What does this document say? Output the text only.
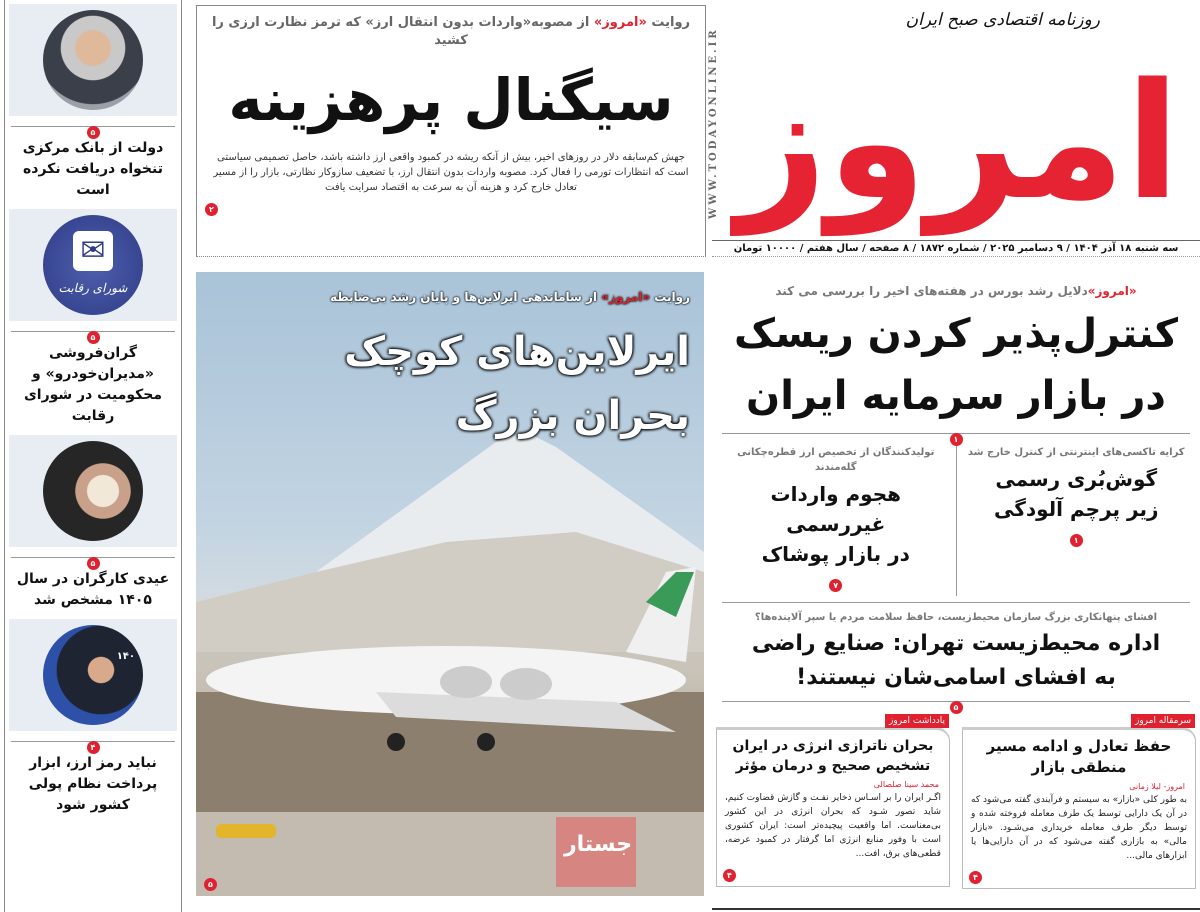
روزنامه اقتصادی صبح ایران
امروز
WWW.TODAYONLINE.IR
سه شنبه ۱۸ آذر ۱۴۰۴ / ۹ دسامبر ۲۰۲۵ / شماره ۱۸۷۲ / ۸ صفحه / سال هفتم / ۱۰۰۰۰ تومان
روایت «امروز» از مصوبه«واردات بدون انتقال ارز» که ترمز نظارت ارزی را کشید
سیگنال پرهزینه
جهش کم‌سابقه دلار در روزهای اخیر، بیش از آنکه ریشه در کمبود واقعی ارز داشته باشد، حاصل تصمیمی سیاستی است که انتظارات تورمی را فعال کرد. مصوبه واردات بدون انتقال ارز، با تضعیف سازوکار نظارتی، بازار را از مسیر تعادل خارج کرد و هزینه آن به سرعت به اقتصاد سرایت یافت
۲
روایت «امروز» از ساماندهی ایرلاین‌ها و پایان رشد بی‌ضابطه
ایرلاین‌های کوچک
بحران بزرگ
جستار
۵
«امروز»دلایل رشد بورس در هفته‌های اخیر را بررسی می کند
کنترل‌پذیر کردن ریسک
در بازار سرمایه ایران
۱
کرایه تاکسی‌های اینترنتی از کنترل خارج شد
گوش‌بُری رسمی
زیر پرچم آلودگی
۱
تولیدکنندگان از تخصیص ارز قطره‌چکانی گله‌مندند
هجوم واردات غیررسمی
در بازار پوشاک
۷
افشای پنهانکاری بزرگ سازمان محیط‌زیست، حافظ سلامت مردم یا سپر آلاینده‌ها؟
اداره محیط‌زیست تهران: صنایع راضی
به افشای اسامی‌شان نیستند!
۵
سرمقاله امروز
حفظ تعادل و ادامه مسیر منطقی بازار
امروز- لیلا زمانی
به طور کلی «بازار» به سیستم و فرآیندی گفته می‌شود که در آن یک دارایی توسط یک طرف معامله فروخته شده و توسط دیگر طرف معامله خریداری می‌شـود. «بازار مالی» به بازاری گفته می‌شود که در آن دارایی‌ها یا ابزارهای مالی...
۴
یادداشت امروز
بحران ناترازی انرژی در ایران تشخیص صحیح و درمان مؤثر
محمد سینا صلصالی
اگـر ایران را بر اسـاس ذخایر نفـت و گازش قضاوت کنیم، شاید تصور شـود که بحران انرژی در این کشور بی‌معناست. اما واقعیت پیچیده‌تر است: ایران کشوری است با وفور منابع انرژی اما گرفتار در کمبود عرضه، قطعی‌های برق، افت...
۴
۵
دولت از بانک مرکزی تنخواه دریافت نکرده است
✉
شورای رقابت
۵
گران‌فروشی «مدیران‌خودرو» و محکومیت در شورای رقابت
۵
عیدی کارگران در سال ۱۴۰۵ مشخص شد
۱۴۰
۴
نباید رمز ارز، ابزار پرداخت نظام پولی کشور شود
